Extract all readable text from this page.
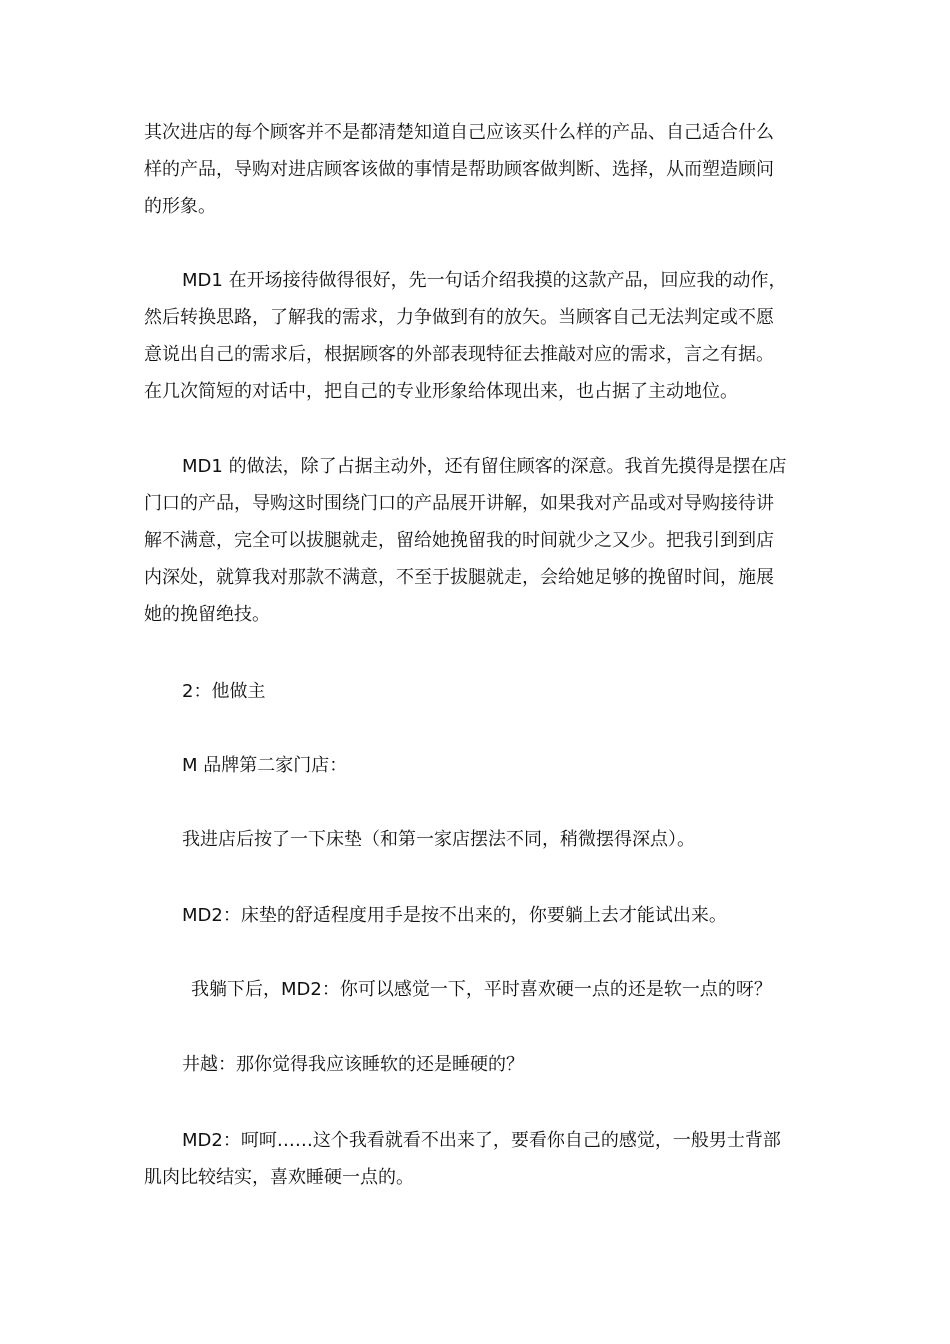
其次进店的每个顾客并不是都清楚知道自己应该买什么样的产品、自己适合什么
样的产品，导购对进店顾客该做的事情是帮助顾客做判断、选择，从而塑造顾问
的形象。
MD1 在开场接待做得很好，先一句话介绍我摸的这款产品，回应我的动作，
然后转换思路，了解我的需求，力争做到有的放矢。当顾客自己无法判定或不愿
意说出自己的需求后，根据顾客的外部表现特征去推敲对应的需求，言之有据。
在几次简短的对话中，把自己的专业形象给体现出来，也占据了主动地位。
MD1 的做法，除了占据主动外，还有留住顾客的深意。我首先摸得是摆在店
门口的产品，导购这时围绕门口的产品展开讲解，如果我对产品或对导购接待讲
解不满意，完全可以拔腿就走，留给她挽留我的时间就少之又少。把我引到到店
内深处，就算我对那款不满意，不至于拔腿就走，会给她足够的挽留时间，施展
她的挽留绝技。
2：他做主
M 品牌第二家门店：
我进店后按了一下床垫（和第一家店摆法不同，稍微摆得深点）。
MD2：床垫的舒适程度用手是按不出来的，你要躺上去才能试出来。
我躺下后，MD2：你可以感觉一下，平时喜欢硬一点的还是软一点的呀？
井越：那你觉得我应该睡软的还是睡硬的？
MD2：呵呵……这个我看就看不出来了，要看你自己的感觉，一般男士背部
肌肉比较结实，喜欢睡硬一点的。
